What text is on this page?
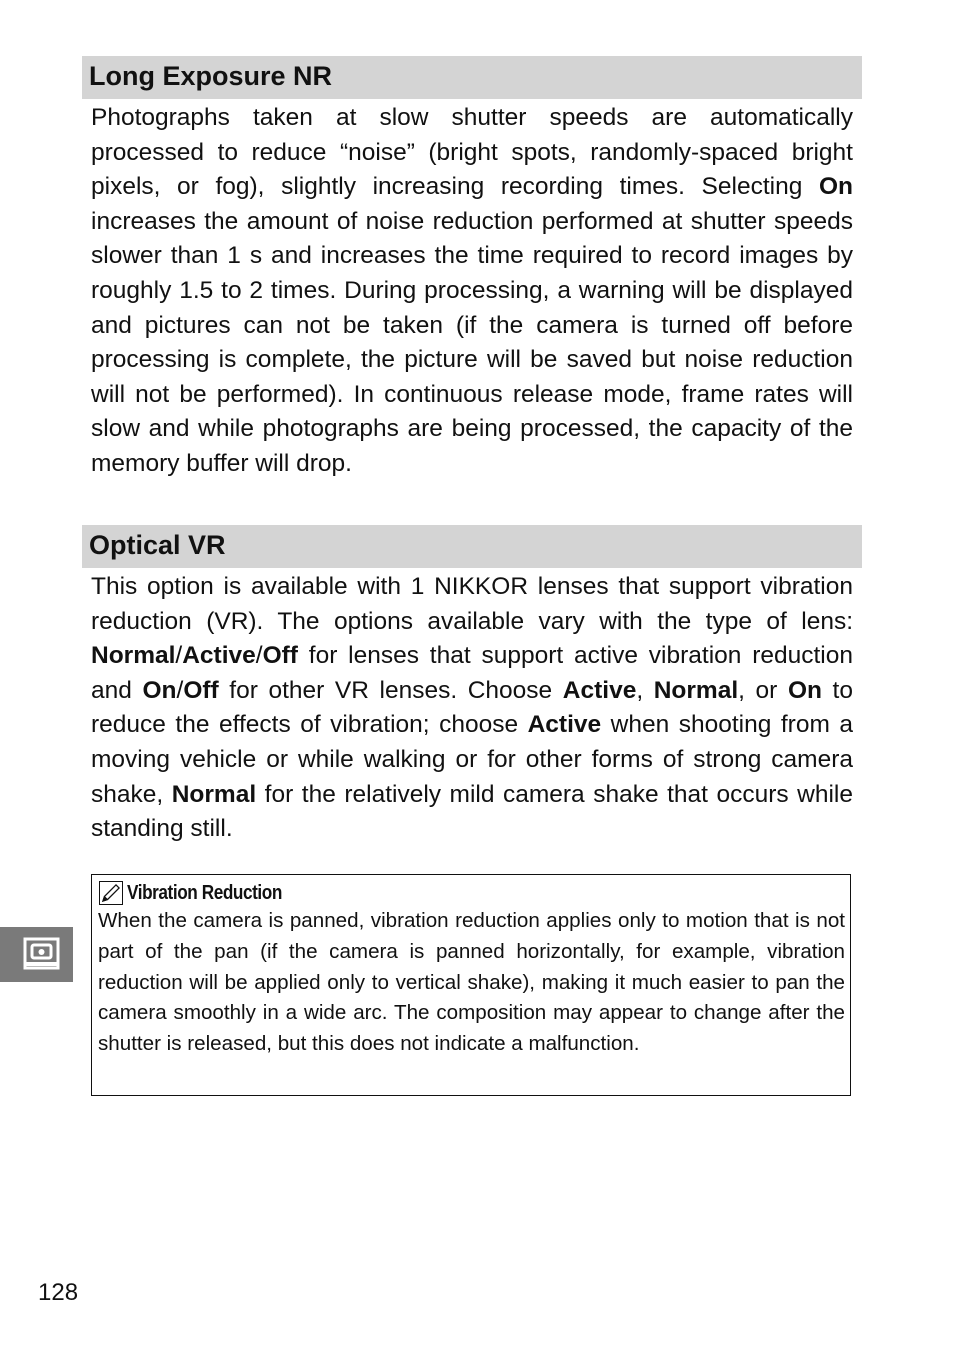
Long Exposure NR

Photographs taken at slow shutter speeds are automatically processed to reduce “noise” (bright spots, randomly-spaced bright pixels, or fog), slightly increasing recording times. Selecting On increases the amount of noise reduction performed at shutter speeds slower than 1 s and increases the time required to record images by roughly 1.5 to 2 times. During processing, a warning will be displayed and pictures can not be taken (if the camera is turned off before processing is complete, the picture will be saved but noise reduction will not be performed). In continuous release mode, frame rates will slow and while photographs are being processed, the capacity of the memory buffer will drop.

Optical VR

This option is available with 1 NIKKOR lenses that support vibration reduction (VR). The options available vary with the type of lens: Normal/Active/Off for lenses that support active vibration reduction and On/Off for other VR lenses. Choose Active, Normal, or On to reduce the effects of vibration; choose Active when shooting from a moving vehicle or while walking or for other forms of strong camera shake, Normal for the relatively mild camera shake that occurs while standing still.

Vibration Reduction

When the camera is panned, vibration reduction applies only to motion that is not part of the pan (if the camera is panned horizontally, for example, vibration reduction will be applied only to vertical shake), making it much easier to pan the camera smoothly in a wide arc. The composition may appear to change after the shutter is released, but this does not indicate a malfunction.

128
